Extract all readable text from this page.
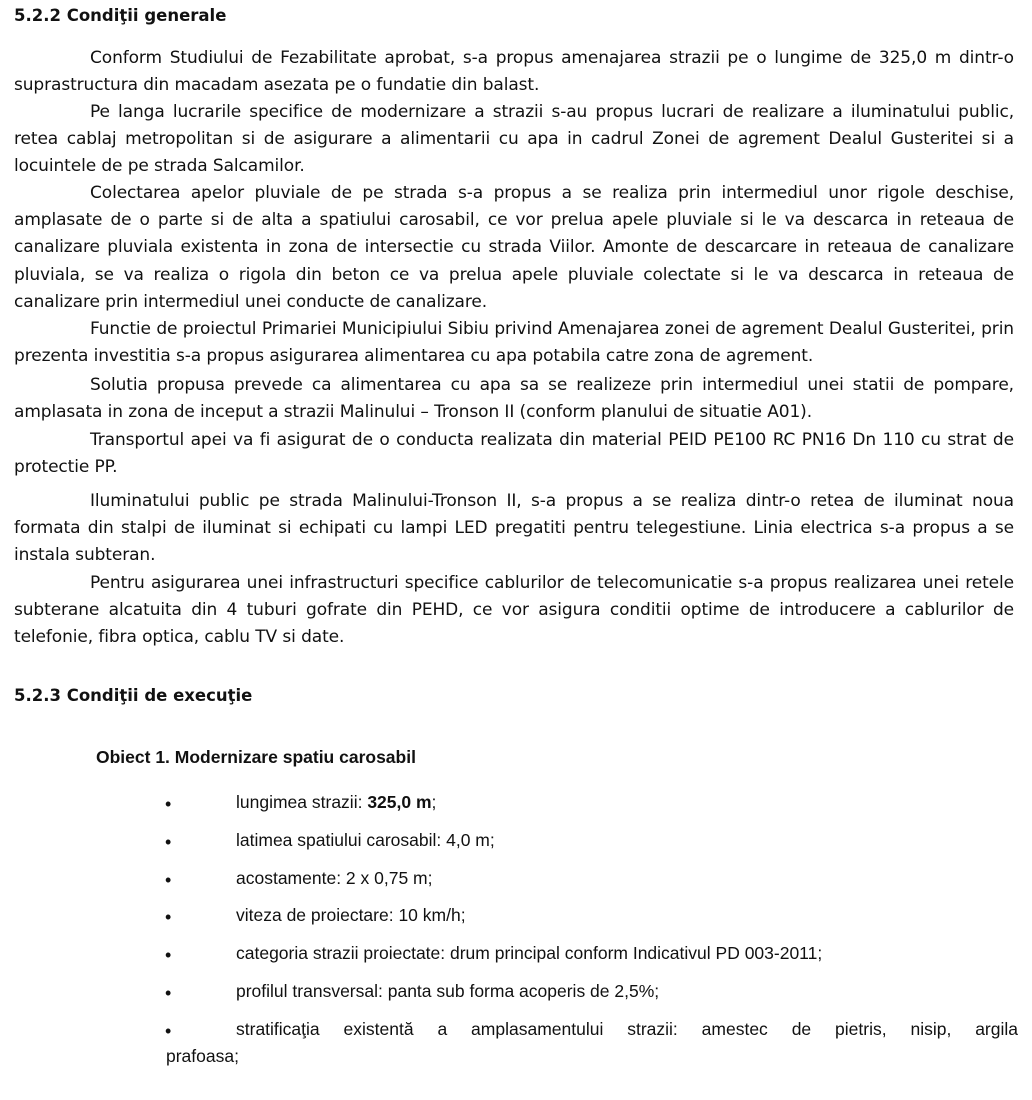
5.2.2 Condiţii generale

Conform Studiului de Fezabilitate aprobat, s-a propus amenajarea strazii pe o lungime de 325,0 m dintr-o suprastructura din macadam asezata pe o fundatie din balast.

Pe langa lucrarile specifice de modernizare a strazii s-au propus lucrari de realizare a iluminatului public, retea cablaj metropolitan si de asigurare a alimentarii cu apa in cadrul Zonei de agrement Dealul Gusteritei si a locuintele de pe strada Salcamilor.

Colectarea apelor pluviale de pe strada s-a propus a se realiza prin intermediul unor rigole deschise, amplasate de o parte si de alta a spatiului carosabil, ce vor prelua apele pluviale si le va descarca in reteaua de canalizare pluviala existenta in zona de intersectie cu strada Viilor. Amonte de descarcare in reteaua de canalizare pluviala, se va realiza o rigola din beton ce va prelua apele pluviale colectate si le va descarca in reteaua de canalizare prin intermediul unei conducte de canalizare.

Functie de proiectul Primariei Municipiului Sibiu privind Amenajarea zonei de agrement Dealul Gusteritei, prin prezenta investitia s-a propus asigurarea alimentarea cu apa potabila catre zona de agrement.

Solutia propusa prevede ca alimentarea cu apa sa se realizeze prin intermediul unei statii de pompare, amplasata in zona de inceput a strazii Malinului – Tronson II (conform planului de situatie A01).

Transportul apei va fi asigurat de o conducta realizata din material PEID PE100 RC PN16 Dn 110 cu strat de protectie PP.

Iluminatului public pe strada Malinului-Tronson II, s-a propus a se realiza dintr-o retea de iluminat noua formata din stalpi de iluminat si echipati cu lampi LED pregatiti pentru telegestiune. Linia electrica s-a propus a se instala subteran.

Pentru asigurarea unei infrastructuri specifice cablurilor de telecomunicatie s-a propus realizarea unei retele subterane alcatuita din 4 tuburi gofrate din PEHD, ce vor asigura conditii optime de introducere a cablurilor de telefonie, fibra optica, cablu TV si date.

5.2.3 Condiţii de execuţie
Obiect 1. Modernizare spatiu carosabil
•	lungimea strazii: 325,0 m;
•	latimea spatiului carosabil: 4,0 m;
•	acostamente: 2 x 0,75 m;
•	viteza de proiectare: 10 km/h;
•	categoria strazii proiectate: drum principal conform Indicativul PD 003-2011;
•	profilul transversal: panta sub forma acoperis de 2,5%;
•	stratificaţia existentă a amplasamentului strazii: amestec de pietris, nisip, argila

prafoasa;
